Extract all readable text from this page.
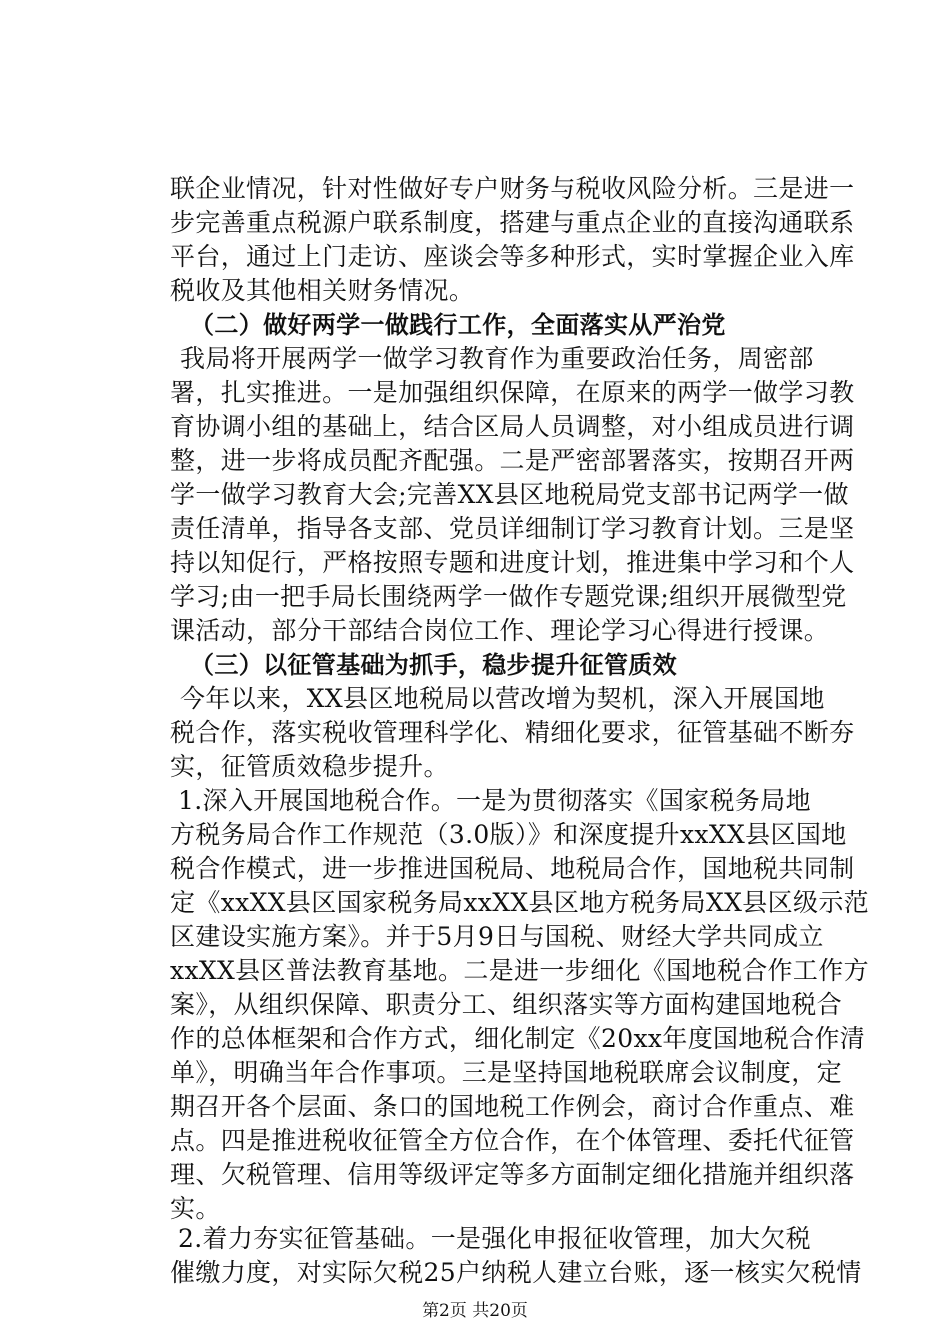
联企业情况，针对性做好专户财务与税收风险分析。三是进一
步完善重点税源户联系制度，搭建与重点企业的直接沟通联系
平台，通过上门走访、座谈会等多种形式，实时掌握企业入库
税收及其他相关财务情况。
（二）做好两学一做践行工作，全面落实从严治党
我局将开展两学一做学习教育作为重要政治任务，周密部
署，扎实推进。一是加强组织保障，在原来的两学一做学习教
育协调小组的基础上，结合区局人员调整，对小组成员进行调
整，进一步将成员配齐配强。二是严密部署落实，按期召开两
学一做学习教育大会;完善XX县区地税局党支部书记两学一做
责任清单，指导各支部、党员详细制订学习教育计划。三是坚
持以知促行，严格按照专题和进度计划，推进集中学习和个人
学习;由一把手局长围绕两学一做作专题党课;组织开展微型党
课活动，部分干部结合岗位工作、理论学习心得进行授课。
（三）以征管基础为抓手，稳步提升征管质效
今年以来，XX县区地税局以营改增为契机，深入开展国地
税合作，落实税收管理科学化、精细化要求，征管基础不断夯
实，征管质效稳步提升。
1.深入开展国地税合作。一是为贯彻落实《国家税务局地
方税务局合作工作规范（3.0版）》和深度提升xxXX县区国地
税合作模式，进一步推进国税局、地税局合作，国地税共同制
定《xxXX县区国家税务局xxXX县区地方税务局XX县区级示范
区建设实施方案》。并于5月9日与国税、财经大学共同成立
xxXX县区普法教育基地。二是进一步细化《国地税合作工作方
案》，从组织保障、职责分工、组织落实等方面构建国地税合
作的总体框架和合作方式，细化制定《20xx年度国地税合作清
单》，明确当年合作事项。三是坚持国地税联席会议制度，定
期召开各个层面、条口的国地税工作例会，商讨合作重点、难
点。四是推进税收征管全方位合作，在个体管理、委托代征管
理、欠税管理、信用等级评定等多方面制定细化措施并组织落
实。
2.着力夯实征管基础。一是强化申报征收管理，加大欠税
催缴力度，对实际欠税25户纳税人建立台账，逐一核实欠税情
第2页 共20页
